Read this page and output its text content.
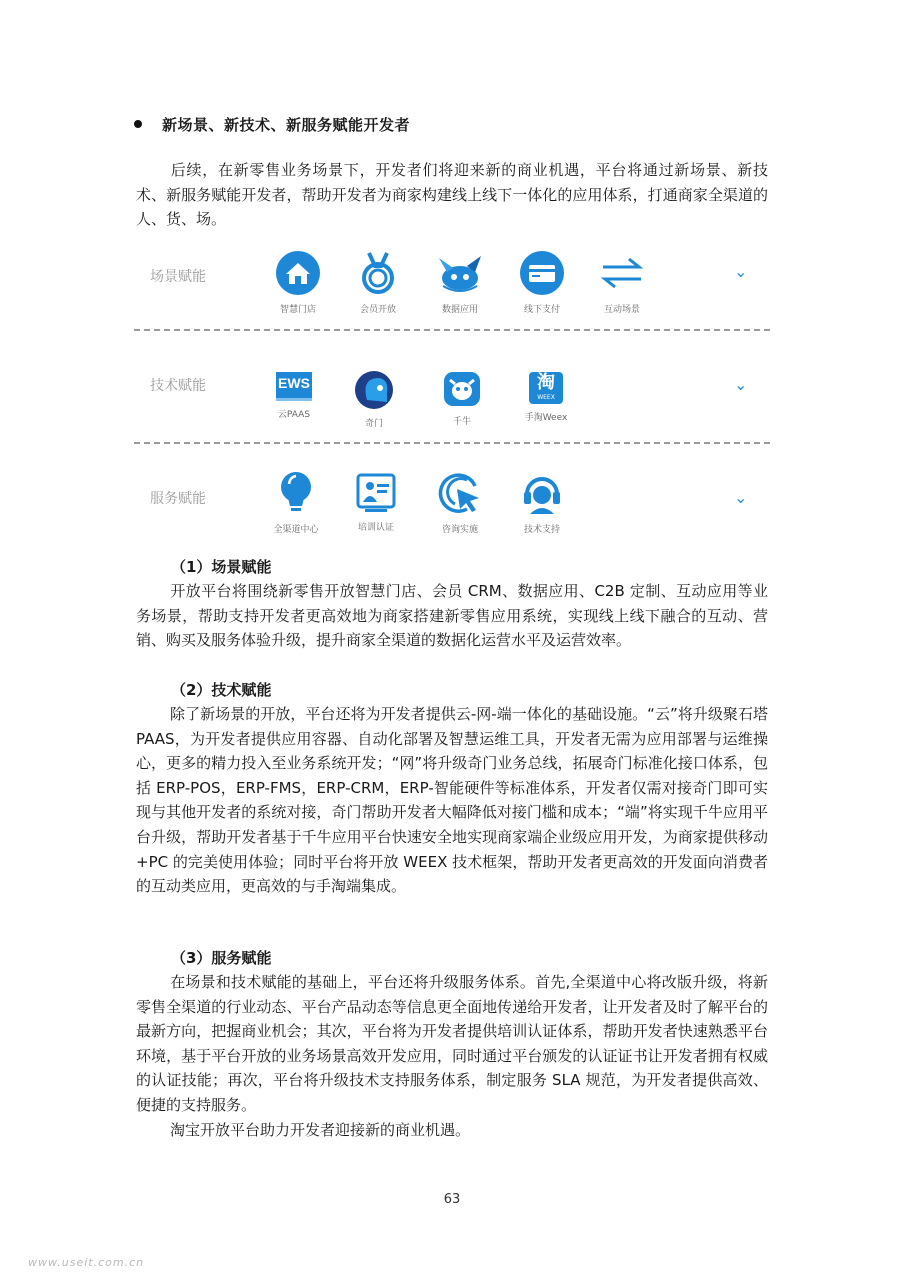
新场景、新技术、新服务赋能开发者
后续，在新零售业务场景下，开发者们将迎来新的商业机遇，平台将通过新场景、新技术、新服务赋能开发者，帮助开发者为商家构建线上线下一体化的应用体系，打通商家全渠道的人、货、场。
场景赋能
智慧门店	会员开放	数据应用	线下支付	互动场景
⌄
技术赋能	EWS
云PAAS
奇门	千牛
淘
WEEX
手淘Weex
⌄
服务赋能
全渠道中心	培训认证	咨询实施	技术支持
⌄
（1）场景赋能
开放平台将围绕新零售开放智慧门店、会员 CRM、数据应用、C2B 定制、互动应用等业务场景，帮助支持开发者更高效地为商家搭建新零售应用系统，实现线上线下融合的互动、营销、购买及服务体验升级，提升商家全渠道的数据化运营水平及运营效率。
（2）技术赋能
除了新场景的开放，平台还将为开发者提供云-网-端一体化的基础设施。“云”将升级聚石塔 PAAS，为开发者提供应用容器、自动化部署及智慧运维工具，开发者无需为应用部署与运维操心，更多的精力投入至业务系统开发；“网”将升级奇门业务总线，拓展奇门标准化接口体系，包括 ERP-POS，ERP-FMS，ERP-CRM，ERP-智能硬件等标准体系，开发者仅需对接奇门即可实现与其他开发者的系统对接，奇门帮助开发者大幅降低对接门槛和成本；“端”将实现千牛应用平台升级，帮助开发者基于千牛应用平台快速安全地实现商家端企业级应用开发，为商家提供移动+PC 的完美使用体验；同时平台将开放 WEEX 技术框架，帮助开发者更高效的开发面向消费者的互动类应用，更高效的与手淘端集成。
（3）服务赋能
在场景和技术赋能的基础上，平台还将升级服务体系。首先,全渠道中心将改版升级，将新零售全渠道的行业动态、平台产品动态等信息更全面地传递给开发者，让开发者及时了解平台的最新方向，把握商业机会；其次，平台将为开发者提供培训认证体系，帮助开发者快速熟悉平台环境，基于平台开放的业务场景高效开发应用，同时通过平台颁发的认证证书让开发者拥有权威的认证技能；再次，平台将升级技术支持服务体系，制定服务 SLA 规范，为开发者提供高效、便捷的支持服务。
淘宝开放平台助力开发者迎接新的商业机遇。
63
www.useit.com.cn
